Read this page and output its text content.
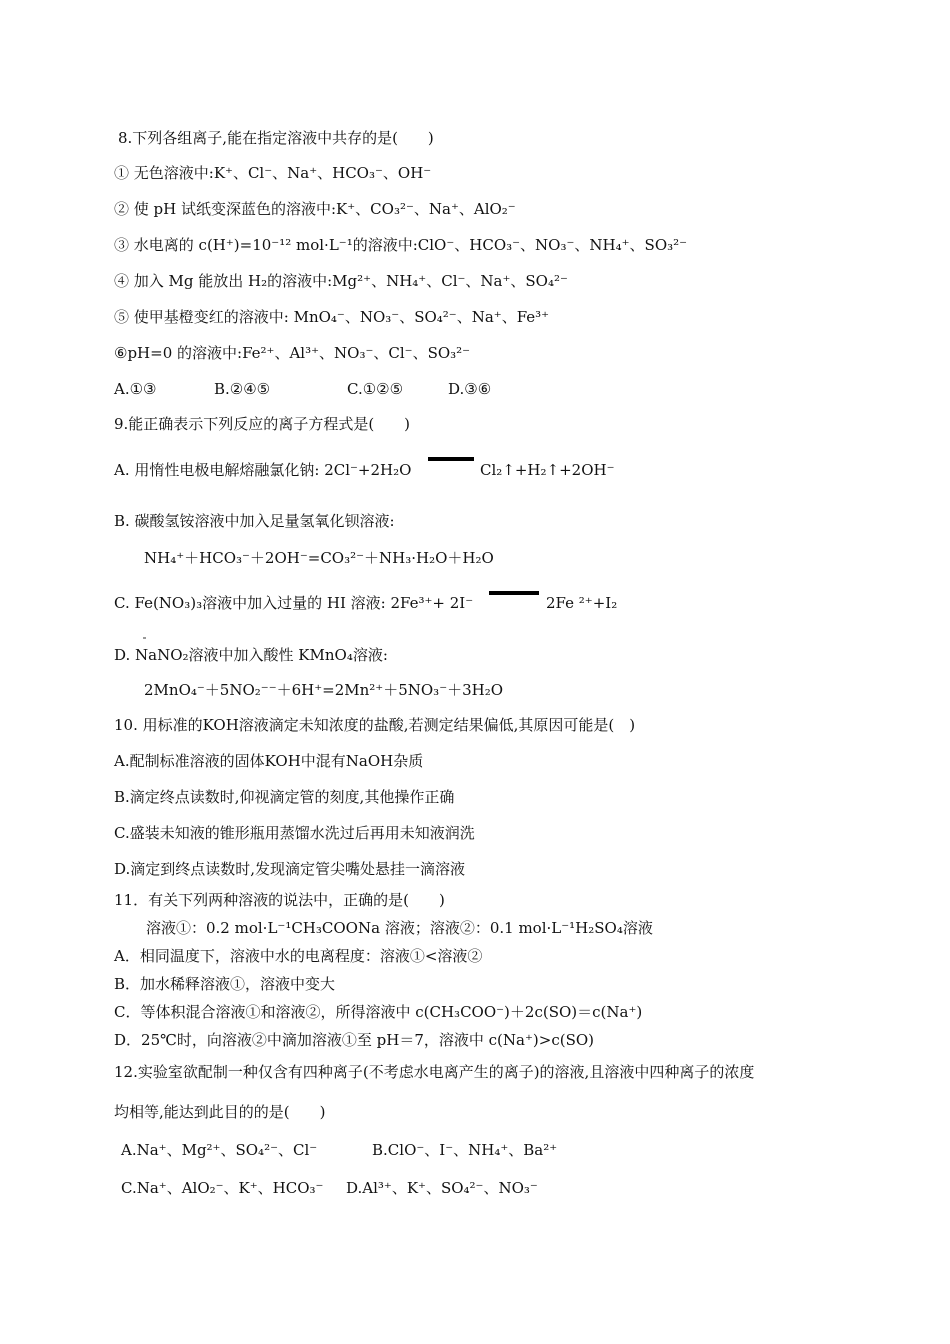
8.下列各组离子,能在指定溶液中共存的是(　　)
① 无色溶液中:K⁺、Cl⁻、Na⁺、HCO₃⁻、OH⁻
② 使 pH 试纸变深蓝色的溶液中:K⁺、CO₃²⁻、Na⁺、AlO₂⁻
③ 水电离的 c(H⁺)=10⁻¹² mol·L⁻¹的溶液中:ClO⁻、HCO₃⁻、NO₃⁻、NH₄⁺、SO₃²⁻
④ 加入 Mg 能放出 H₂的溶液中:Mg²⁺、NH₄⁺、Cl⁻、Na⁺、SO₄²⁻
⑤ 使甲基橙变红的溶液中: MnO₄⁻、NO₃⁻、SO₄²⁻、Na⁺、Fe³⁺
⑥pH=0 的溶液中:Fe²⁺、Al³⁺、NO₃⁻、Cl⁻、SO₃²⁻
A.①③	B.②④⑤	C.①②⑤	D.③⑥
9.能正确表示下列反应的离子方程式是(　　)
A. 用惰性电极电解熔融氯化钠: 2Cl⁻+2H₂O	Cl₂↑+H₂↑+2OH⁻
B. 碳酸氢铵溶液中加入足量氢氧化钡溶液:
NH₄⁺＋HCO₃⁻＋2OH⁻=CO₃²⁻＋NH₃·H₂O＋H₂O
C. Fe(NO₃)₃溶液中加入过量的 HI 溶液: 2Fe³⁺+ 2I⁻	2Fe ²⁺+I₂
D. NaNO₂溶液中加入酸性 KMnO₄溶液:
2MnO₄⁻＋5NO₂⁻⁻＋6H⁺=2Mn²⁺＋5NO₃⁻＋3H₂O
10. 用标准的KOH溶液滴定未知浓度的盐酸,若测定结果偏低,其原因可能是(　)
A.配制标准溶液的固体KOH中混有NaOH杂质
B.滴定终点读数时,仰视滴定管的刻度,其他操作正确
C.盛装未知液的锥形瓶用蒸馏水洗过后再用未知液润洗
D.滴定到终点读数时,发现滴定管尖嘴处悬挂一滴溶液
11．有关下列两种溶液的说法中，正确的是(　　)
溶液①：0.2 mol·L⁻¹CH₃COONa 溶液；溶液②：0.1 mol·L⁻¹H₂SO₄溶液
A．相同温度下，溶液中水的电离程度：溶液①<溶液②
B．加水稀释溶液①，溶液中变大
C．等体积混合溶液①和溶液②，所得溶液中 c(CH₃COO⁻)＋2c(SO)＝c(Na⁺)
D．25℃时，向溶液②中滴加溶液①至 pH＝7，溶液中 c(Na⁺)>c(SO)
12.实验室欲配制一种仅含有四种离子(不考虑水电离产生的离子)的溶液,且溶液中四种离子的浓度
均相等,能达到此目的的是(　　)
A.Na⁺、Mg²⁺、SO₄²⁻、Cl⁻	B.ClO⁻、I⁻、NH₄⁺、Ba²⁺
C.Na⁺、AlO₂⁻、K⁺、HCO₃⁻ D.Al³⁺、K⁺、SO₄²⁻、NO₃⁻
